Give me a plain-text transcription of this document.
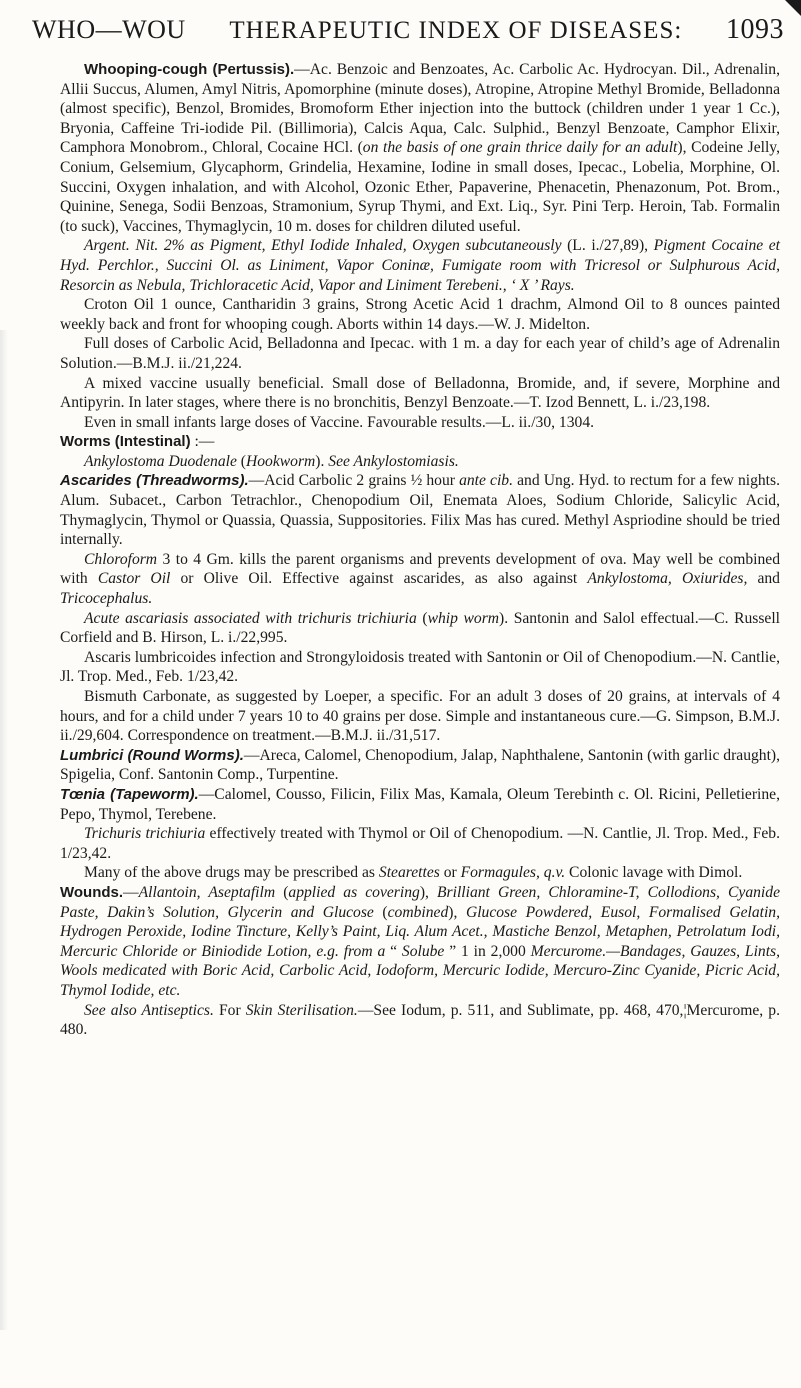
WHO—WOU THERAPEUTIC INDEX OF DISEASES: 1093

Whooping-cough (Pertussis).—Ac. Benzoic and Benzoates, Ac. Carbolic Ac. Hydrocyan. Dil., Adrenalin, Allii Succus, Alumen, Amyl Nitris, Apomorphine (minute doses), Atropine, Atropine Methyl Bromide, Belladonna (almost specific), Benzol, Bromides, Bromoform Ether injection into the buttock (children under 1 year 1 Cc.), Bryonia, Caffeine Tri-iodide Pil. (Billimoria), Calcis Aqua, Calc. Sulphid., Benzyl Benzoate, Camphor Elixir, Camphora Monobrom., Chloral, Cocaine HCl. (on the basis of one grain thrice daily for an adult), Codeine Jelly, Conium, Gelsemium, Glycaphorm, Grindelia, Hexamine, Iodine in small doses, Ipecac., Lobelia, Morphine, Ol. Succini, Oxygen inhalation, and with Alcohol, Ozonic Ether, Papaverine, Phenacetin, Phenazonum, Pot. Brom., Quinine, Senega, Sodii Benzoas, Stramonium, Syrup Thymi, and Ext. Liq., Syr. Pini Terp. Heroin, Tab. Formalin (to suck), Vaccines, Thymaglycin, 10 m. doses for children diluted useful.

Argent. Nit. 2% as Pigment, Ethyl Iodide Inhaled, Oxygen subcutaneously (L. i./27,89), Pigment Cocaine et Hyd. Perchlor., Succini Ol. as Liniment, Vapor Coninæ, Fumigate room with Tricresol or Sulphurous Acid, Resorcin as Nebula, Trichloracetic Acid, Vapor and Liniment Terebeni., ‘ X ’ Rays.

Croton Oil 1 ounce, Cantharidin 3 grains, Strong Acetic Acid 1 drachm, Almond Oil to 8 ounces painted weekly back and front for whooping cough. Aborts within 14 days.—W. J. Midelton.

Full doses of Carbolic Acid, Belladonna and Ipecac. with 1 m. a day for each year of child’s age of Adrenalin Solution.—B.M.J. ii./21,224.

A mixed vaccine usually beneficial. Small dose of Belladonna, Bromide, and, if severe, Morphine and Antipyrin. In later stages, where there is no bronchitis, Benzyl Benzoate.—T. Izod Bennett, L. i./23,198.

Even in small infants large doses of Vaccine. Favourable results.—L. ii./30, 1304.

Worms (Intestinal) :—

Ankylostoma Duodenale (Hookworm). See Ankylostomiasis.

Ascarides (Threadworms).—Acid Carbolic 2 grains ½ hour ante cib. and Ung. Hyd. to rectum for a few nights. Alum. Subacet., Carbon Tetrachlor., Chenopodium Oil, Enemata Aloes, Sodium Chloride, Salicylic Acid, Thymaglycin, Thymol or Quassia, Quassia, Suppositories. Filix Mas has cured. Methyl Aspriodine should be tried internally.

Chloroform 3 to 4 Gm. kills the parent organisms and prevents development of ova. May well be combined with Castor Oil or Olive Oil. Effective against ascarides, as also against Ankylostoma, Oxiurides, and Tricocephalus.

Acute ascariasis associated with trichuris trichiuria (whip worm). Santonin and Salol effectual.—C. Russell Corfield and B. Hirson, L. i./22,995.

Ascaris lumbricoides infection and Strongyloidosis treated with Santonin or Oil of Chenopodium.—N. Cantlie, Jl. Trop. Med., Feb. 1/23,42.

Bismuth Carbonate, as suggested by Loeper, a specific. For an adult 3 doses of 20 grains, at intervals of 4 hours, and for a child under 7 years 10 to 40 grains per dose. Simple and instantaneous cure.—G. Simpson, B.M.J. ii./29,604. Correspondence on treatment.—B.M.J. ii./31,517.

Lumbrici (Round Worms).—Areca, Calomel, Chenopodium, Jalap, Naphthalene, Santonin (with garlic draught), Spigelia, Conf. Santonin Comp., Turpentine.

Tœnia (Tapeworm).—Calomel, Cousso, Filicin, Filix Mas, Kamala, Oleum Terebinth c. Ol. Ricini, Pelletierine, Pepo, Thymol, Terebene.

Trichuris trichiuria effectively treated with Thymol or Oil of Chenopodium. —N. Cantlie, Jl. Trop. Med., Feb. 1/23,42.

Many of the above drugs may be prescribed as Stearettes or Formagules, q.v. Colonic lavage with Dimol.

Wounds.—Allantoin, Aseptafilm (applied as covering), Brilliant Green, Chloramine-T, Collodions, Cyanide Paste, Dakin’s Solution, Glycerin and Glucose (combined), Glucose Powdered, Eusol, Formalised Gelatin, Hydrogen Peroxide, Iodine Tincture, Kelly’s Paint, Liq. Alum Acet., Mastiche Benzol, Metaphen, Petrolatum Iodi, Mercuric Chloride or Biniodide Lotion, e.g. from a “ Solube ” 1 in 2,000 Mercurome.—Bandages, Gauzes, Lints, Wools medicated with Boric Acid, Carbolic Acid, Iodoform, Mercuric Iodide, Mercuro-Zinc Cyanide, Picric Acid, Thymol Iodide, etc.

See also Antiseptics. For Skin Sterilisation.—See Iodum, p. 511, and Sublimate, pp. 468, 470,¦Mercurome, p. 480.
